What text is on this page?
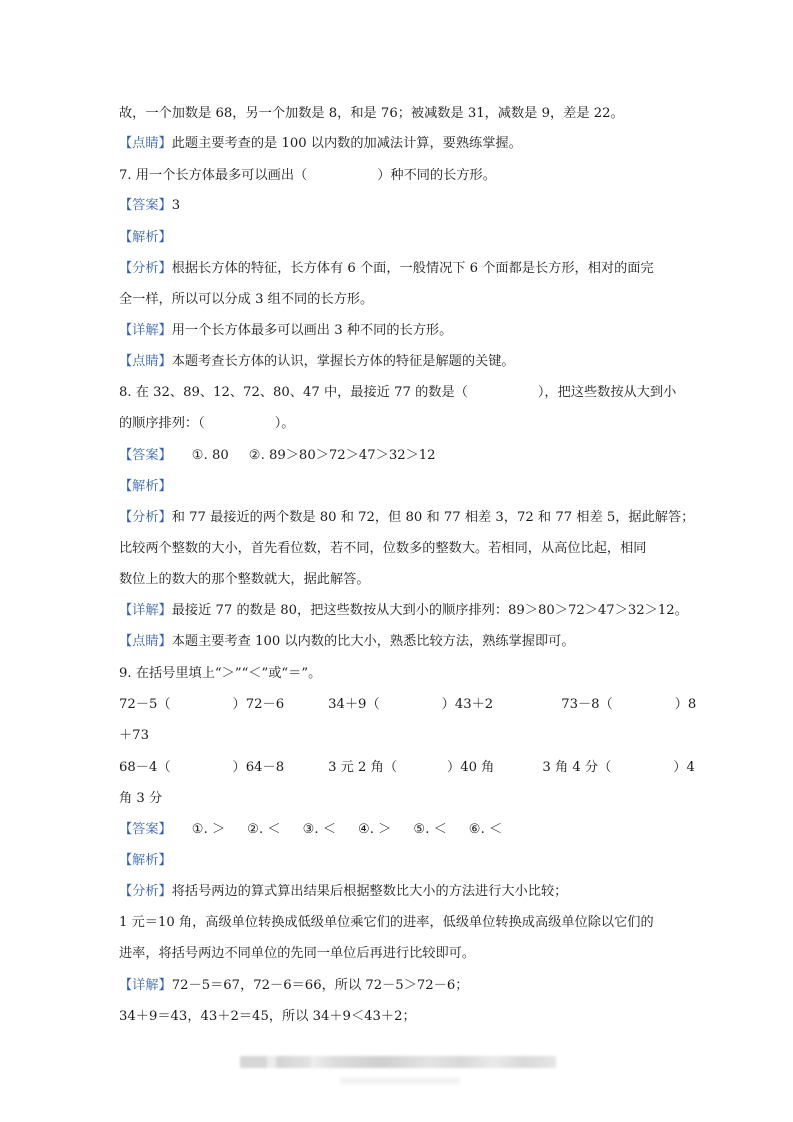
故，一个加数是 68，另一个加数是 8，和是 76；被减数是 31，减数是 9，差是 22。
【点睛】此题主要考查的是 100 以内数的加减法计算，要熟练掌握。
7. 用一个长方体最多可以画出（	）种不同的长方形。
【答案】3
【解析】
【分析】根据长方体的特征，长方体有 6 个面，一般情况下 6 个面都是长方形，相对的面完
全一样，所以可以分成 3 组不同的长方形。
【详解】用一个长方体最多可以画出 3 种不同的长方形。
【点睛】本题考查长方体的认识，掌握长方体的特征是解题的关键。
8. 在 32、89、12、72、80、47 中，最接近 77 的数是（	），把这些数按从大到小
的顺序排列：（	）。
【答案】 ①. 80 ②. 89＞80＞72＞47＞32＞12
【解析】
【分析】和 77 最接近的两个数是 80 和 72，但 80 和 77 相差 3，72 和 77 相差 5，据此解答；
比较两个整数的大小，首先看位数，若不同，位数多的整数大。若相同，从高位比起，相同
数位上的数大的那个整数就大，据此解答。
【详解】最接近 77 的数是 80，把这些数按从大到小的顺序排列：89＞80＞72＞47＞32＞12。
【点睛】本题主要考查 100 以内数的比大小，熟悉比较方法，熟练掌握即可。
9. 在括号里填上“＞”“＜”或“＝”。
72－5（	）72－6	34＋9（	）43＋2	73－8（	）8
＋73
68－4（	）64－8	3 元 2 角（	）40 角	3 角 4 分（	）4
角 3 分
【答案】 ①. ＞ ②. ＜ ③. ＜ ④. ＞ ⑤. ＜ ⑥. ＜
【解析】
【分析】将括号两边的算式算出结果后根据整数比大小的方法进行大小比较；
1 元＝10 角，高级单位转换成低级单位乘它们的进率，低级单位转换成高级单位除以它们的
进率，将括号两边不同单位的先同一单位后再进行比较即可。
【详解】72－5＝67，72－6＝66，所以 72－5＞72－6；
34＋9＝43，43＋2＝45，所以 34＋9＜43＋2；
